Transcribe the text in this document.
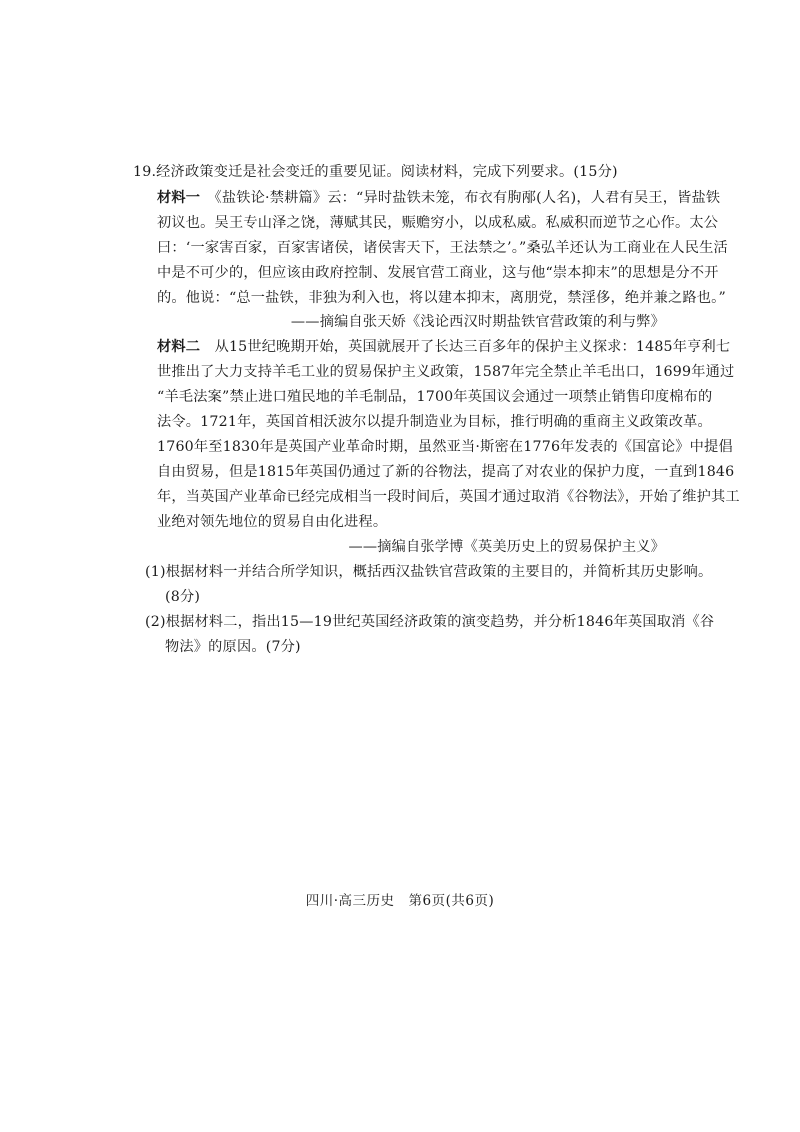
19.经济政策变迁是社会变迁的重要见证。阅读材料，完成下列要求。(15分)
材料一　 《盐铁论·禁耕篇》云：“异时盐铁未笼，布衣有朐邴(人名)，人君有吴王，皆盐铁
初议也。吴王专山泽之饶，薄赋其民，赈赡穷小，以成私威。私威积而逆节之心作。太公
曰：‘一家害百家，百家害诸侯，诸侯害天下，王法禁之’。”桑弘羊还认为工商业在人民生活
中是不可少的，但应该由政府控制、发展官营工商业，这与他“崇本抑末”的思想是分不开
的。他说：“总一盐铁，非独为利入也，将以建本抑末，离朋党，禁淫侈，绝并兼之路也。”
——摘编自张天娇《浅论西汉时期盐铁官营政策的利与弊》
材料二　 从15世纪晚期开始，英国就展开了长达三百多年的保护主义探求：1485年亨利七
世推出了大力支持羊毛工业的贸易保护主义政策，1587年完全禁止羊毛出口，1699年通过
“羊毛法案”禁止进口殖民地的羊毛制品，1700年英国议会通过一项禁止销售印度棉布的
法令。1721年，英国首相沃波尔以提升制造业为目标，推行明确的重商主义政策改革。
1760年至1830年是英国产业革命时期，虽然亚当·斯密在1776年发表的《国富论》中提倡
自由贸易，但是1815年英国仍通过了新的谷物法，提高了对农业的保护力度，一直到1846
年，当英国产业革命已经完成相当一段时间后，英国才通过取消《谷物法》，开始了维护其工
业绝对领先地位的贸易自由化进程。
——摘编自张学博《英美历史上的贸易保护主义》
(1)根据材料一并结合所学知识，概括西汉盐铁官营政策的主要目的，并简析其历史影响。
(8分)
(2)根据材料二，指出15—19世纪英国经济政策的演变趋势，并分析1846年英国取消《谷
物法》的原因。(7分)
四川·高三历史　第6页(共6页)
